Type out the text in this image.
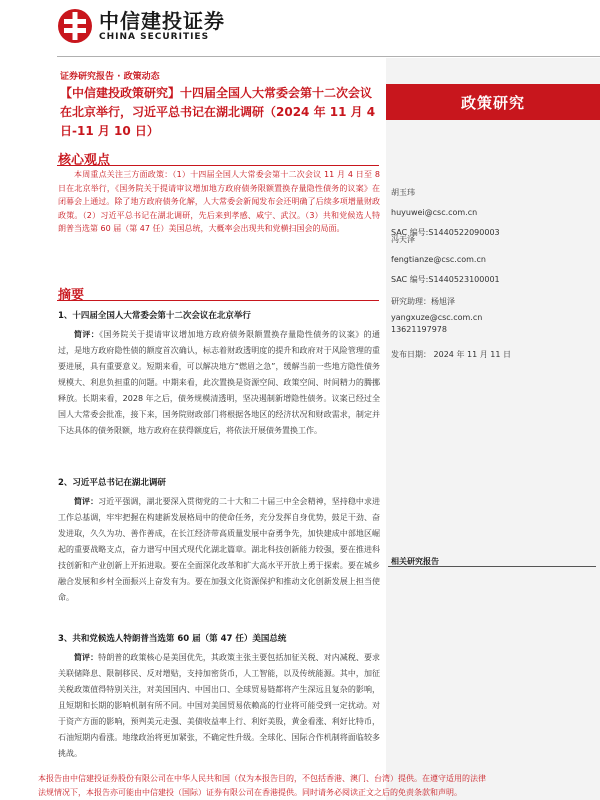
中信建投证券
CHINA SECURITIES
证券研究报告 · 政策动态
【中信建投政策研究】十四届全国人大常委会第十二次会议在北京举行，习近平总书记在湖北调研（2024 年 11 月 4 日-11 月 10 日）
政策研究
胡玉玮
huyuwei@csc.com.cn
SAC 编号:S1440522090003
冯天泽
fengtianze@csc.com.cn
SAC 编号:S1440523100001
研究助理：杨旭泽
yangxuze@csc.com.cn
13621197978
发布日期： 2024 年 11 月 11 日
相关研究报告
核心观点
本周重点关注三方面政策：（1）十四届全国人大常委会第十二次会议 11 月 4 日至 8 日在北京举行，《国务院关于提请审议增加地方政府债务限额置换存量隐性债务的议案》在闭幕会上通过。除了地方政府债务化解，人大常委会新闻发布会还明确了后续多项增量财政政策。（2）习近平总书记在湖北调研，先后来到孝感、咸宁、武汉。（3）共和党候选人特朗普当选第 60 届（第 47 任）美国总统，大概率会出现共和党横扫国会的局面。
摘要
1、十四届全国人大常委会第十二次会议在北京举行

简评：《国务院关于提请审议增加地方政府债务限额置换存量隐性债务的议案》的通过，是地方政府隐性债的额度首次确认，标志着财政透明度的提升和政府对于风险管理的重要进展，具有重要意义。短期来看，可以解决地方“燃眉之急”，缓解当前一些地方隐性债务规模大、利息负担重的问题。中期来看，此次置换是资源空间、政策空间、时间精力的腾挪释放。长期来看，2028 年之后，债务规模清透明，坚决遏制新增隐性债务。议案已经过全国人大常委会批准，接下来，国务院财政部门将根据各地区的经济状况和财政需求，制定并下达具体的债务限额，地方政府在获得额度后，将依法开展债务置换工作。

2、习近平总书记在湖北调研

简评：习近平强调，湖北要深入贯彻党的二十大和二十届三中全会精神，坚持稳中求进工作总基调，牢牢把握在构建新发展格局中的使命任务，充分发挥自身优势，鼓足干劲、奋发进取，久久为功、善作善成，在长江经济带高质量发展中奋勇争先，加快建成中部地区崛起的重要战略支点，奋力谱写中国式现代化湖北篇章。湖北科技创新能力较强，要在推进科技创新和产业创新上开拓进取。要在全面深化改革和扩大高水平开放上勇于探索。要在城乡融合发展和乡村全面振兴上奋发有为。要在加强文化资源保护和推动文化创新发展上担当使命。

3、共和党候选人特朗普当选第 60 届（第 47 任）美国总统

简评：特朗普的政策核心是美国优先，其政策主张主要包括加征关税、对内减税、要求关联储降息、限制移民、反对增贴，支持加密货币，人工智能，以及传统能源。其中，加征关税政策值得特别关注，对美国国内、中国出口、全球贸易链都将产生深远且复杂的影响，且短期和长期的影响机制有所不同。中国对美国贸易依赖高的行业将可能受到一定扰动。对于资产方面的影响，预判美元走强、美债收益率上行、利好美股，黄金看涨、利好比特币，石油短期内看涨。地缘政治将更加紧张，不确定性升级。全球化、国际合作机制将面临较多挑战。

本报告由中信建投证券股份有限公司在中华人民共和国（仅为本报告目的，不包括香港、澳门、台湾）提供。在遵守适用的法律
法规情况下，本报告亦可能由中信建投（国际）证券有限公司在香港提供。同时请务必阅读正文之后的免责条款和声明。
